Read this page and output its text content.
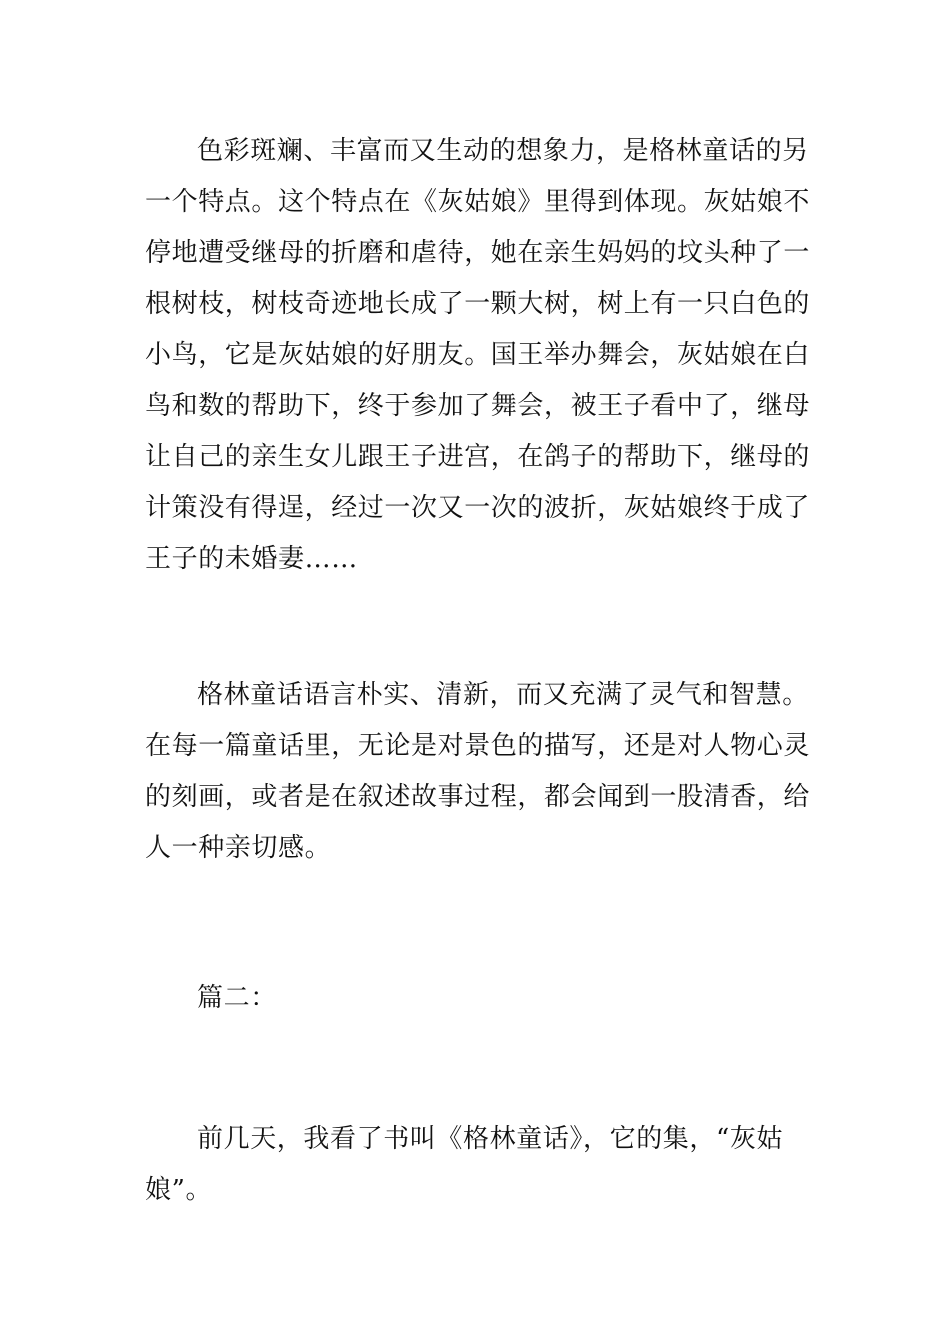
色彩斑斓、丰富而又生动的想象力，是格林童话的另
一个特点。这个特点在《灰姑娘》里得到体现。灰姑娘不
停地遭受继母的折磨和虐待，她在亲生妈妈的坟头种了一
根树枝，树枝奇迹地长成了一颗大树，树上有一只白色的
小鸟，它是灰姑娘的好朋友。国王举办舞会，灰姑娘在白
鸟和数的帮助下，终于参加了舞会，被王子看中了，继母
让自己的亲生女儿跟王子进宫，在鸽子的帮助下，继母的
计策没有得逞，经过一次又一次的波折，灰姑娘终于成了
王子的未婚妻……
格林童话语言朴实、清新，而又充满了灵气和智慧。
在每一篇童话里，无论是对景色的描写，还是对人物心灵
的刻画，或者是在叙述故事过程，都会闻到一股清香，给
人一种亲切感。
篇二：
前几天，我看了书叫《格林童话》，它的集，“灰姑
娘”。
